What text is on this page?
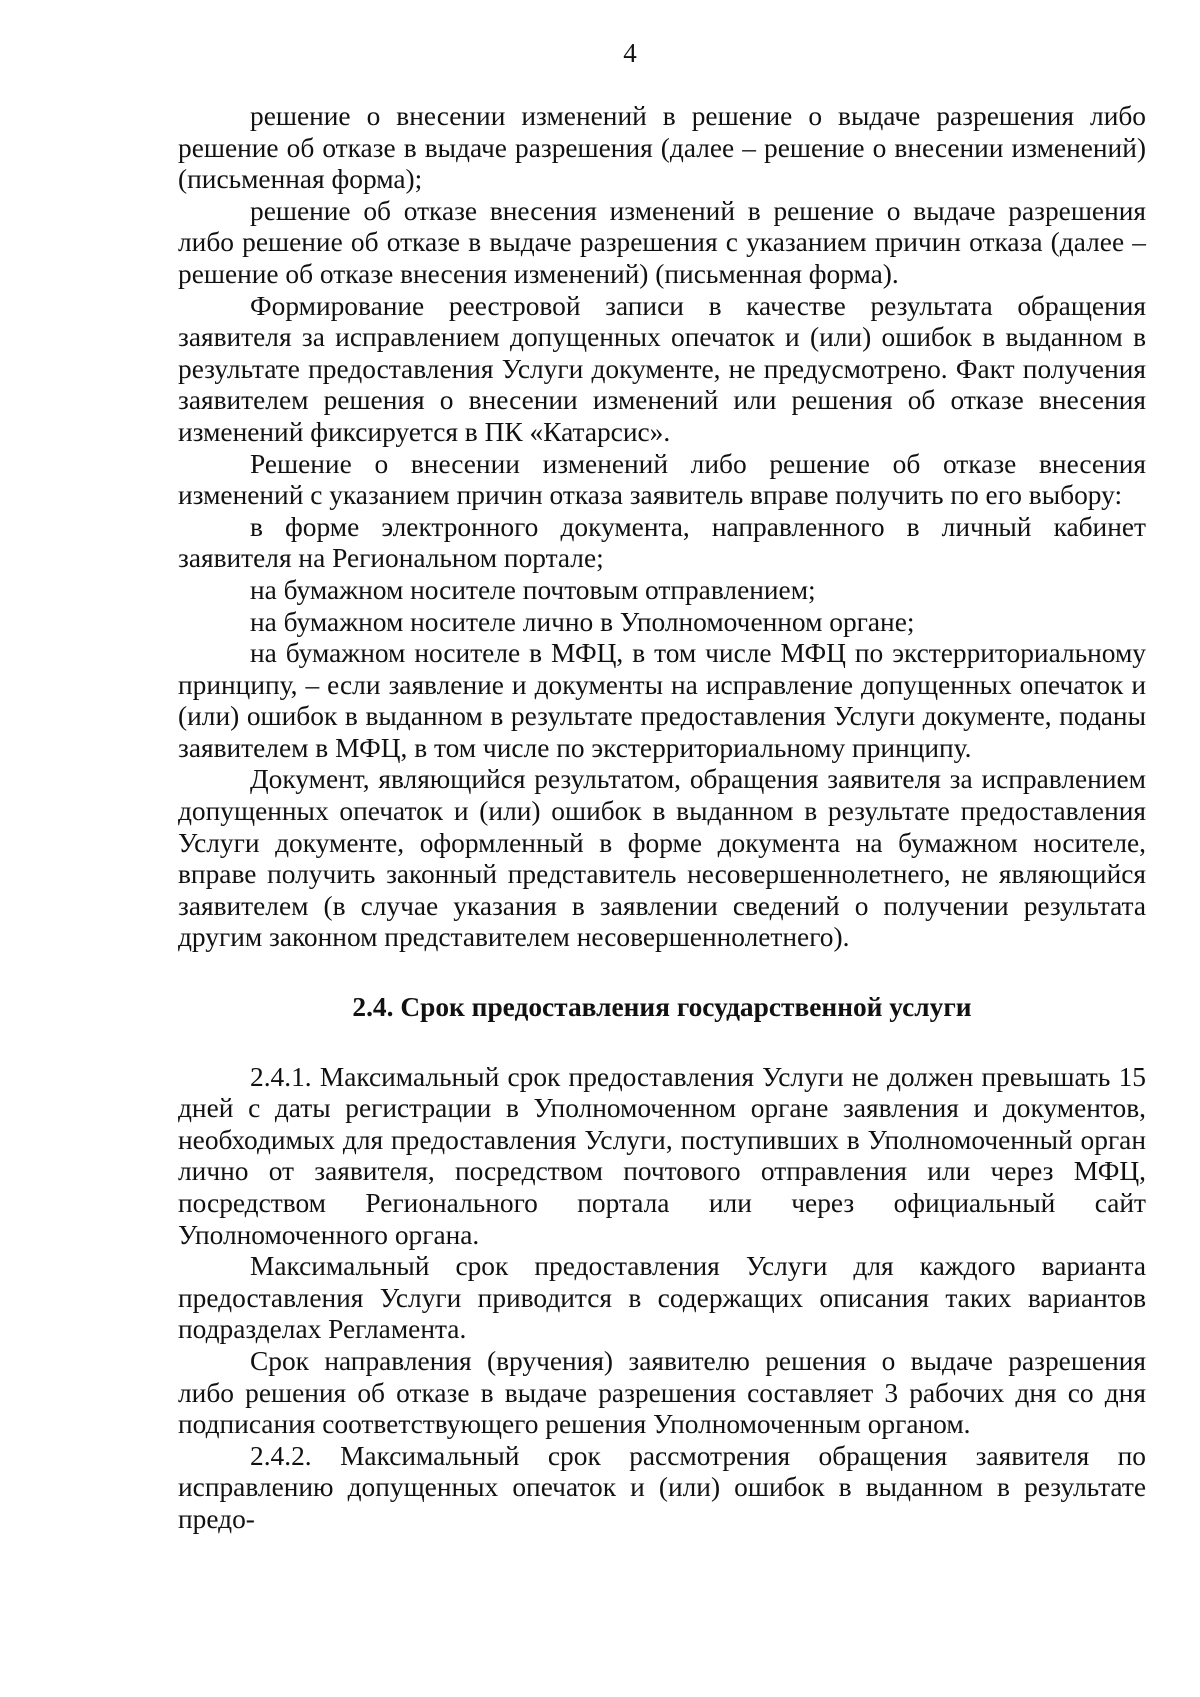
4

решение о внесении изменений в решение о выдаче разрешения либо решение об отказе в выдаче разрешения (далее – решение о внесении изменений) (письменная форма);

решение об отказе внесения изменений в решение о выдаче разрешения либо решение об отказе в выдаче разрешения с указанием причин отказа (далее – решение об отказе внесения изменений) (письменная форма).

Формирование реестровой записи в качестве результата обращения заявителя за исправлением допущенных опечаток и (или) ошибок в выданном в результате предоставления Услуги документе, не предусмотрено. Факт получения заявителем решения о внесении изменений или решения об отказе внесения изменений фиксируется в ПК «Катарсис».

Решение о внесении изменений либо решение об отказе внесения изменений с указанием причин отказа заявитель вправе получить по его выбору:

в форме электронного документа, направленного в личный кабинет заявителя на Региональном портале;

на бумажном носителе почтовым отправлением;

на бумажном носителе лично в Уполномоченном органе;

на бумажном носителе в МФЦ, в том числе МФЦ по экстерриториальному принципу, – если заявление и документы на исправление допущенных опечаток и (или) ошибок в выданном в результате предоставления Услуги документе, поданы заявителем в МФЦ, в том числе по экстерриториальному принципу.

Документ, являющийся результатом, обращения заявителя за исправлением допущенных опечаток и (или) ошибок в выданном в результате предоставления Услуги документе, оформленный в форме документа на бумажном носителе, вправе получить законный представитель несовершеннолетнего, не являющийся заявителем (в случае указания в заявлении сведений о получении результата другим законном представителем несовершеннолетнего).

2.4. Срок предоставления государственной услуги

2.4.1. Максимальный срок предоставления Услуги не должен превышать 15 дней с даты регистрации в Уполномоченном органе заявления и документов, необходимых для предоставления Услуги, поступивших в Уполномоченный орган лично от заявителя, посредством почтового отправления или через МФЦ, посредством Регионального портала или через официальный сайт Уполномоченного органа.

Максимальный срок предоставления Услуги для каждого варианта предоставления Услуги приводится в содержащих описания таких вариантов подразделах Регламента.

Срок направления (вручения) заявителю решения о выдаче разрешения либо решения об отказе в выдаче разрешения составляет 3 рабочих дня со дня подписания соответствующего решения Уполномоченным органом.

2.4.2. Максимальный срок рассмотрения обращения заявителя по исправлению допущенных опечаток и (или) ошибок в выданном в результате предо-
